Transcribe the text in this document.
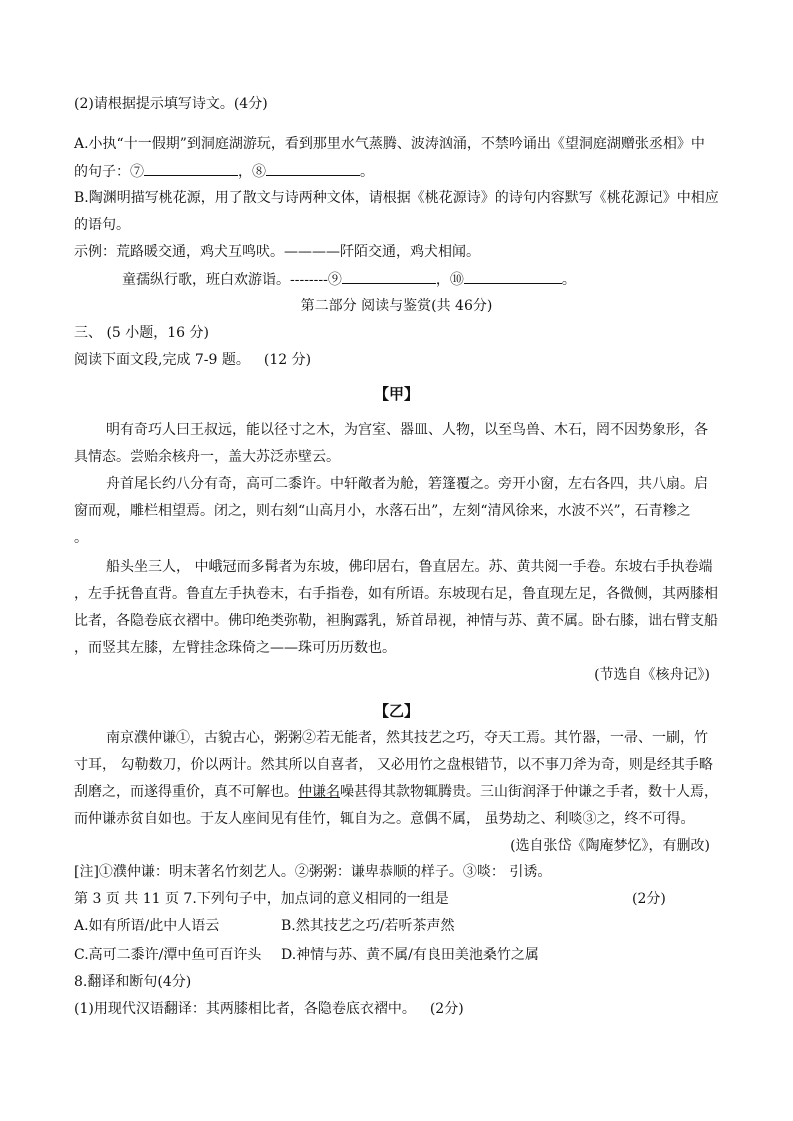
(2)请根据提示填写诗文。(4分)
A.小执“十一假期”到洞庭湖游玩，看到那里水气蒸腾、波涛汹涌，不禁吟诵出《望洞庭湖赠张丞相》中
的句子：⑦	，⑧	。
B.陶渊明描写桃花源，用了散文与诗两种文体，请根据《桃花源诗》的诗句内容默写《桃花源记》中相应
的语句。
示例：荒路暖交通，鸡犬互鸣吠。————阡陌交通，鸡犬相闻。
童孺纵行歌，班白欢游诣。--------⑨	，⑩	。
第二部分 阅读与鉴赏(共 46分)
三、 (5 小题，16 分)
阅读下面文段,完成 7-9 题。 (12 分)
【甲】
明有奇巧人曰王叔远，能以径寸之木，为宫室、器皿、人物，以至鸟兽、木石，罔不因势象形，各
具情态。尝贻余核舟一，盖大苏泛赤壁云。
舟首尾长约八分有奇，高可二黍许。中轩敞者为舱，箬篷覆之。旁开小窗，左右各四，共八扇。启
窗而观，雕栏相望焉。闭之，则右刻“山高月小，水落石出”，左刻“清风徐来，水波不兴”，石青糁之
。
船头坐三人， 中峨冠而多髯者为东坡，佛印居右，鲁直居左。苏、黄共阅一手卷。东坡右手执卷端
，左手抚鲁直背。鲁直左手执卷末，右手指卷，如有所语。东坡现右足，鲁直现左足，各微侧，其两膝相
比者，各隐卷底衣褶中。佛印绝类弥勒，袒胸露乳，矫首昂视，神情与苏、黄不属。卧右膝，诎右臂支船
，而竖其左膝，左臂挂念珠倚之——珠可历历数也。
(节选自《核舟记》)
【乙】
南京濮仲谦①，古貌古心，粥粥②若无能者，然其技艺之巧，夺天工焉。其竹器，一帚、一刷，竹
寸耳， 勾勒数刀，价以两计。然其所以自喜者， 又必用竹之盘根错节，以不事刀斧为奇，则是经其手略
刮磨之，而遂得重价，真不可解也。仲谦名噪甚得其款物辄腾贵。三山街润泽于仲谦之手者，数十人焉，
而仲谦赤贫自如也。于友人座间见有佳竹，辄自为之。意偶不属， 虽势劫之、利啖③之，终不可得。
(选自张岱《陶庵梦忆》，有删改)
[注]①濮仲谦：明末著名竹刻艺人。②粥粥：谦卑恭顺的样子。③啖： 引诱。
第 3 页 共 11 页 7.下列句子中，加点词的意义相同的一组是	(2分)
A.如有所语/此中人语云	B.然其技艺之巧/若听茶声然
C.高可二黍许/潭中鱼可百许头 D.神情与苏、黄不属/有良田美池桑竹之属
8.翻译和断句(4分)
(1)用现代汉语翻译：其两膝相比者，各隐卷底衣褶中。 (2分)
